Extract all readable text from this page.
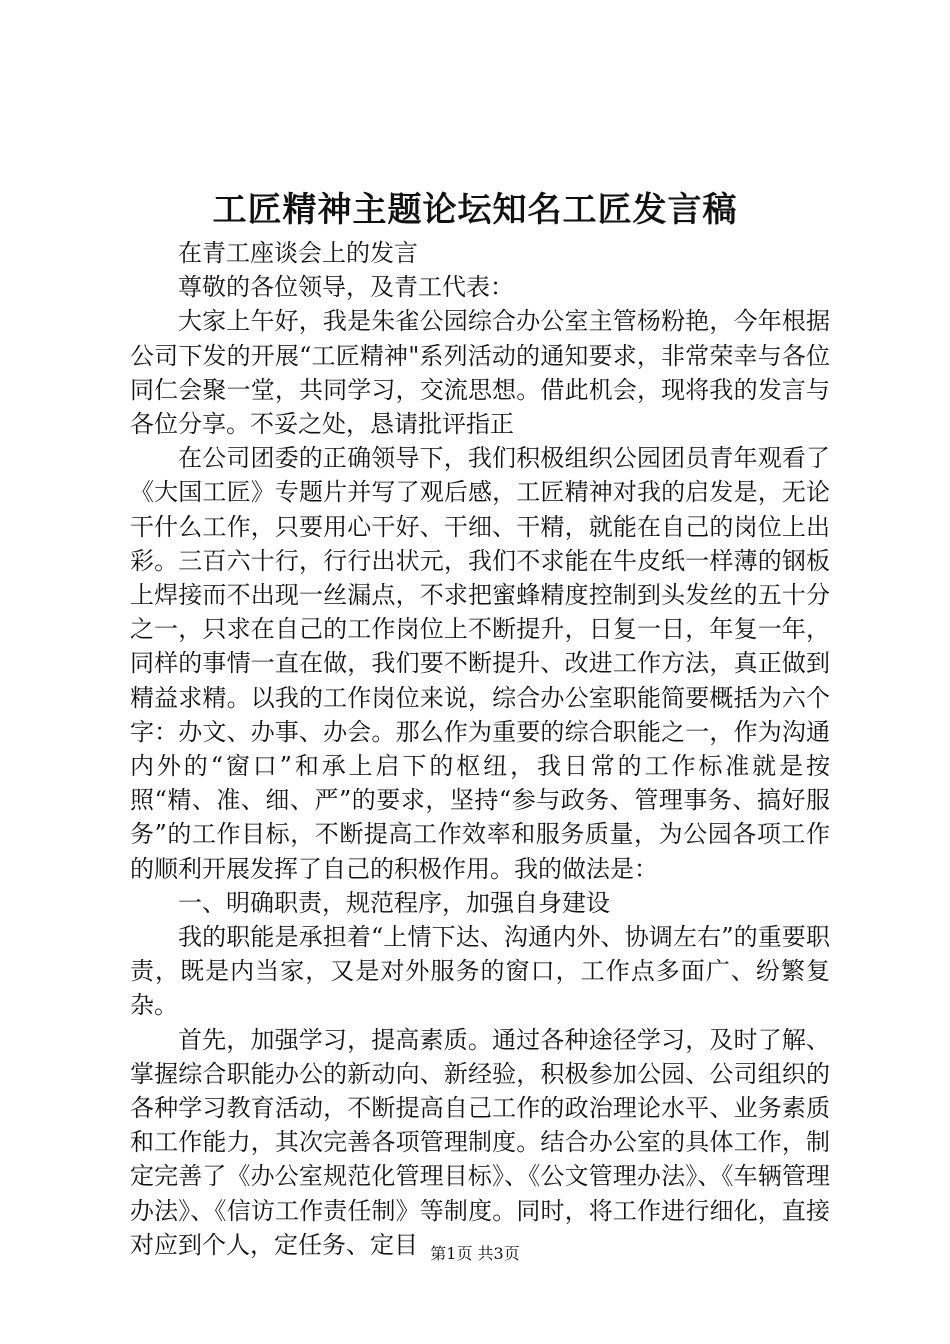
工匠精神主题论坛知名工匠发言稿

在青工座谈会上的发言

尊敬的各位领导，及青工代表：

大家上午好，我是朱雀公园综合办公室主管杨粉艳，今年根据公司下发的开展“工匠精神"系列活动的通知要求，非常荣幸与各位同仁会聚一堂，共同学习，交流思想。借此机会，现将我的发言与各位分享。不妥之处，恳请批评指正

在公司团委的正确领导下，我们积极组织公园团员青年观看了《大国工匠》专题片并写了观后感，工匠精神对我的启发是，无论干什么工作，只要用心干好、干细、干精，就能在自己的岗位上出彩。三百六十行，行行出状元，我们不求能在牛皮纸一样薄的钢板上焊接而不出现一丝漏点，不求把蜜蜂精度控制到头发丝的五十分之一，只求在自己的工作岗位上不断提升，日复一日，年复一年，同样的事情一直在做，我们要不断提升、改进工作方法，真正做到精益求精。以我的工作岗位来说，综合办公室职能简要概括为六个字：办文、办事、办会。那么作为重要的综合职能之一，作为沟通内外的“窗口”和承上启下的枢纽，我日常的工作标准就是按照“精、准、细、严”的要求，坚持“参与政务、管理事务、搞好服务”的工作目标，不断提高工作效率和服务质量，为公园各项工作的顺利开展发挥了自己的积极作用。我的做法是：

一、明确职责，规范程序，加强自身建设

我的职能是承担着“上情下达、沟通内外、协调左右”的重要职责，既是内当家，又是对外服务的窗口，工作点多面广、纷繁复杂。

首先，加强学习，提高素质。通过各种途径学习，及时了解、掌握综合职能办公的新动向、新经验，积极参加公园、公司组织的各种学习教育活动，不断提高自己工作的政治理论水平、业务素质和工作能力，其次完善各项管理制度。结合办公室的具体工作，制定完善了《办公室规范化管理目标》、《公文管理办法》、《车辆管理办法》、《信访工作责任制》等制度。同时，将工作进行细化，直接对应到个人，定任务、定目 第1页 共3页
